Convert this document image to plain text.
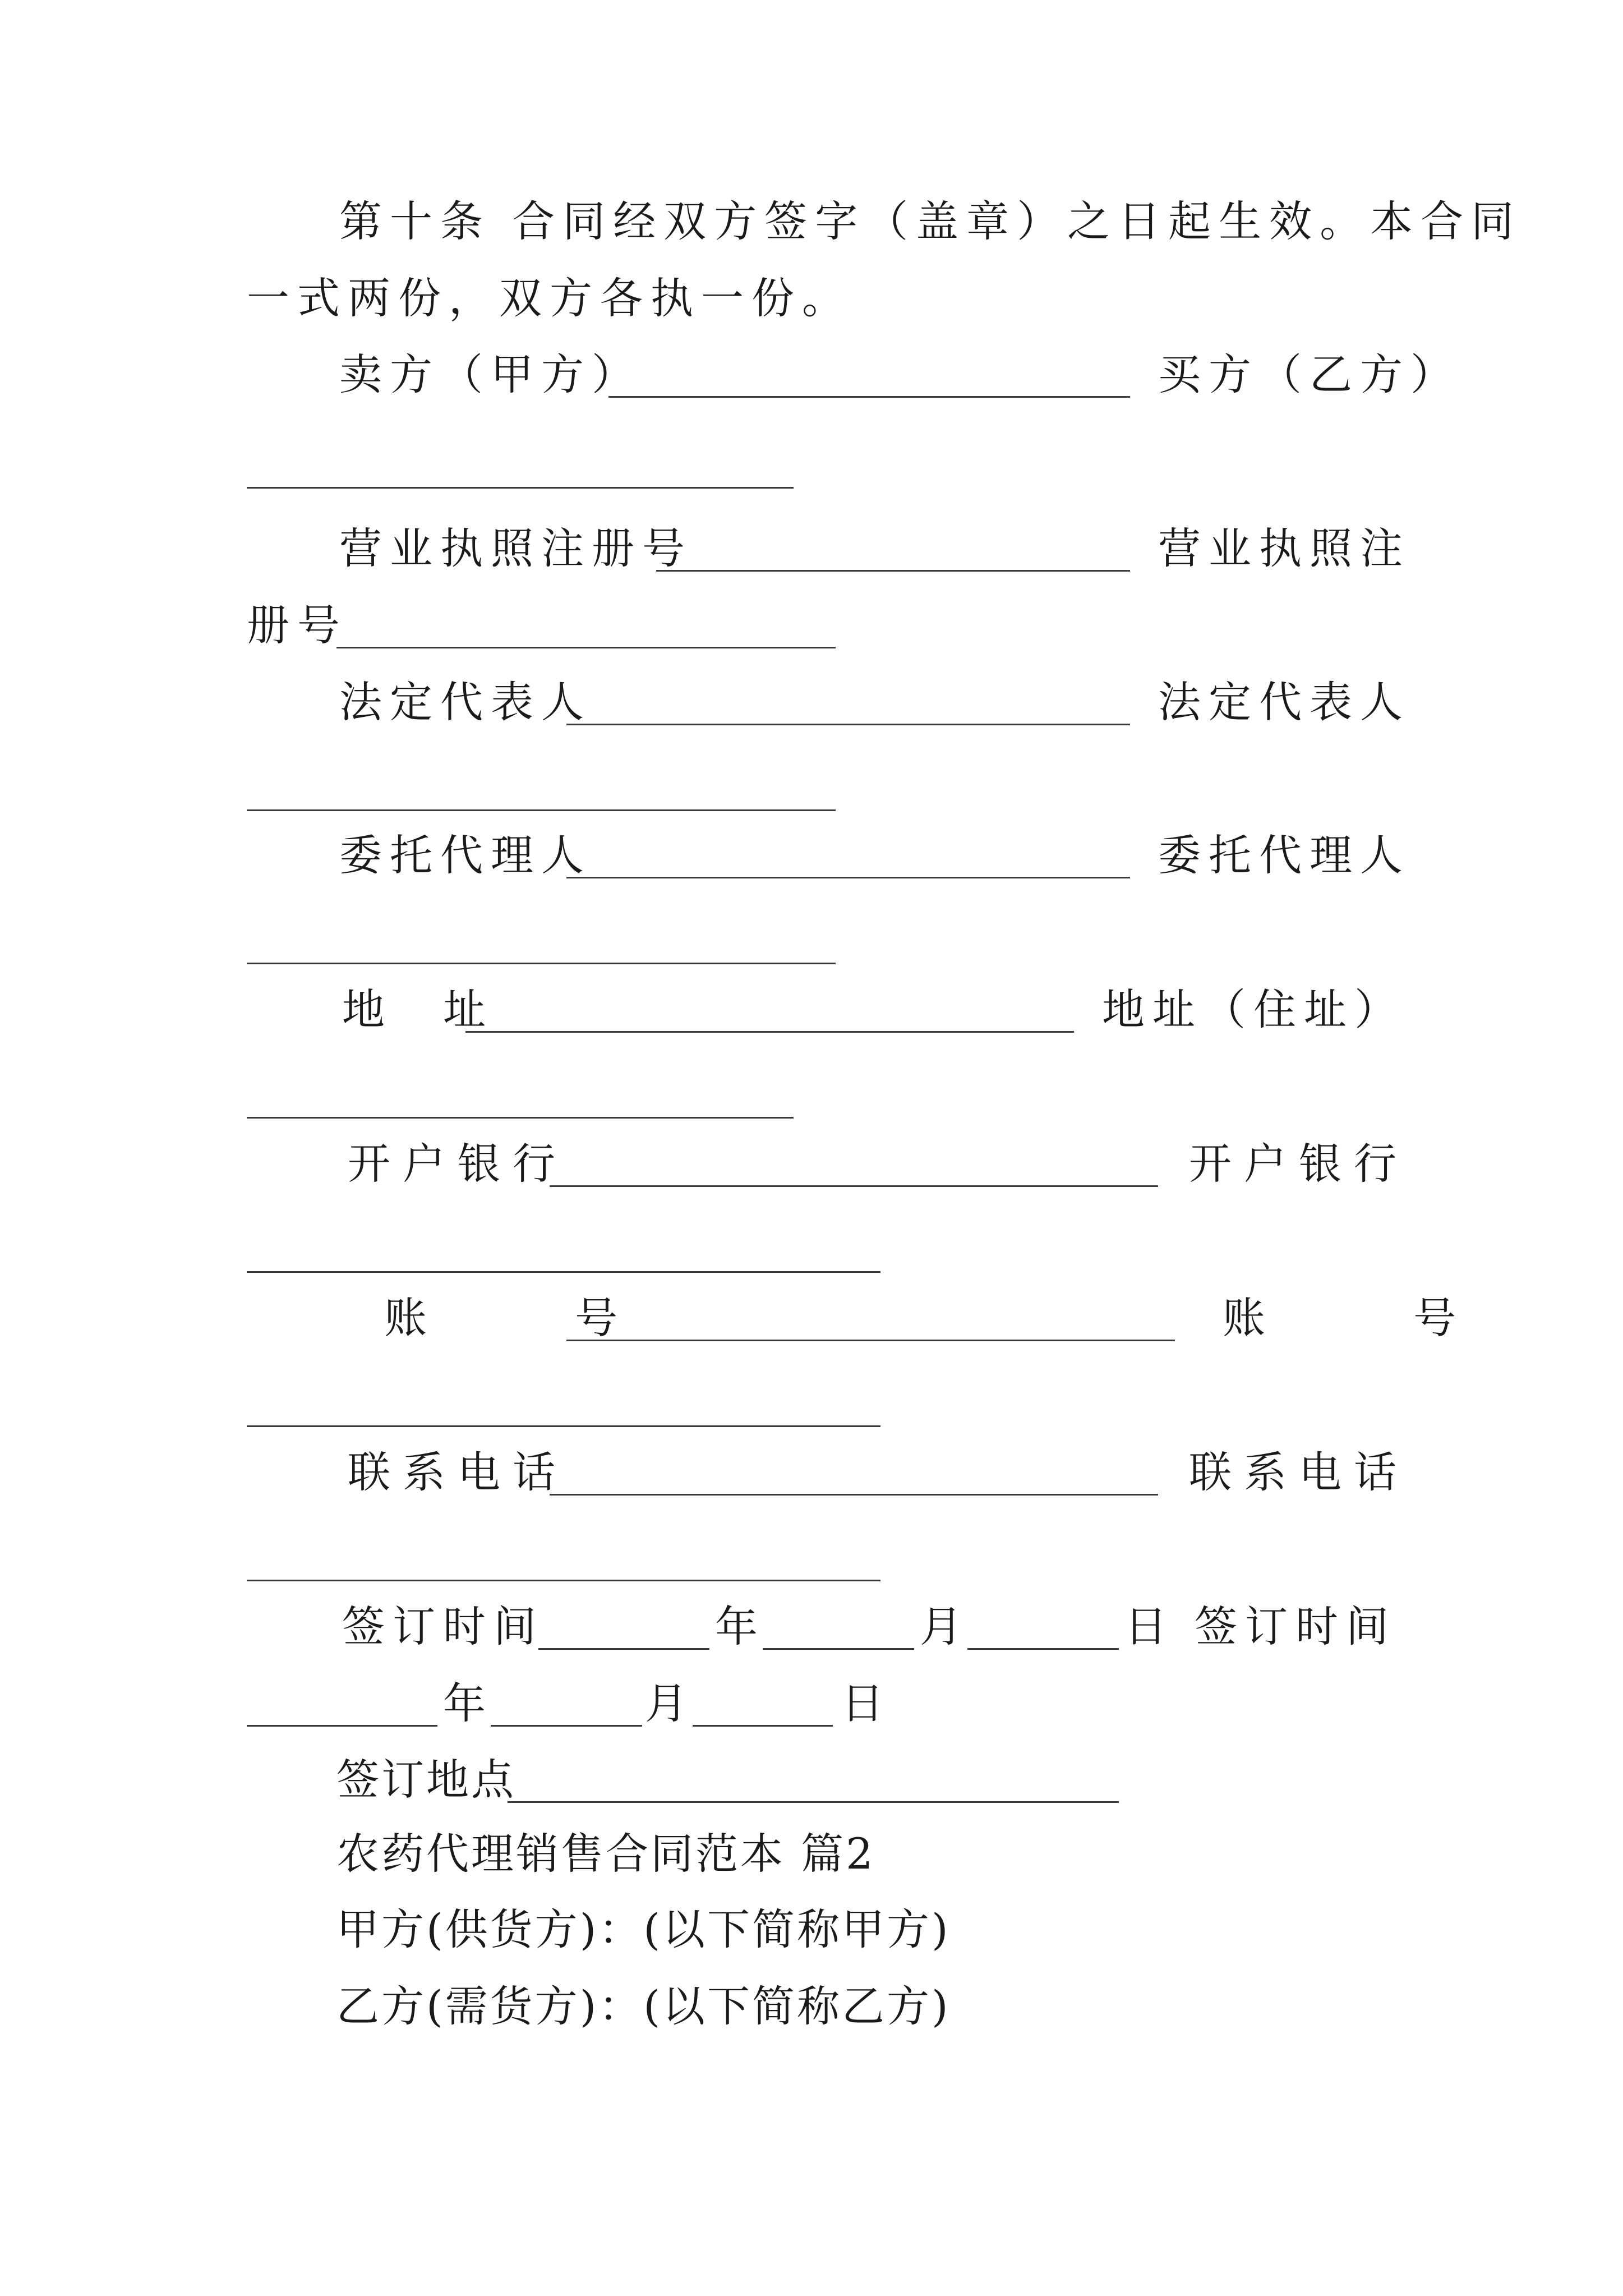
第十条 合同经双方签字（盖章）之日起生效。本合同
一式两份，双方各执一份。
卖方（甲方）	买方（乙方）
营业执照注册号	营业执照注
册号
法定代表人	法定代表人
委托代理人	委托代理人
地 址	地址（住址）
开户银行	开户银行
账 号	账 号
联系电话	联系电话
签订时间	年	月	日 签订时间
年	月	日
签订地点
农药代理销售合同范本 篇2
甲方(供货方)：(以下简称甲方)
乙方(需货方)：(以下简称乙方)
